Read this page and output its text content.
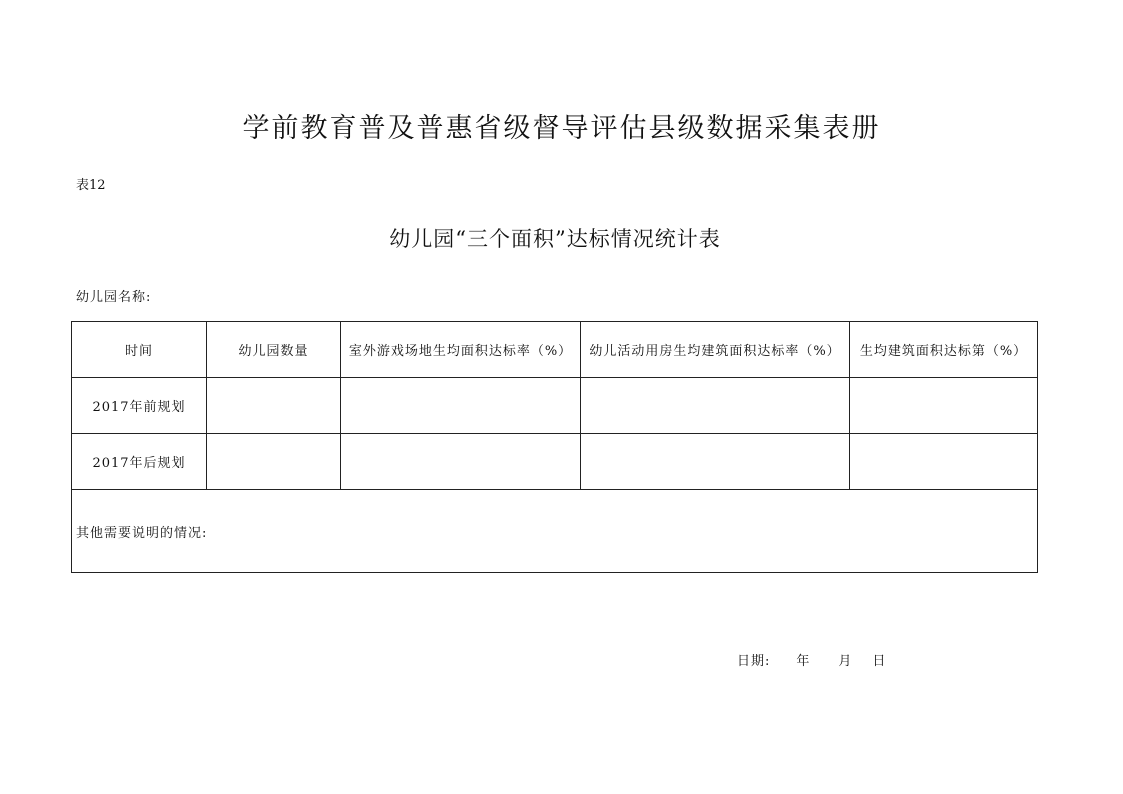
学前教育普及普惠省级督导评估县级数据采集表册
表12
幼儿园“三个面积”达标情况统计表
幼儿园名称:
时间	幼儿园数量	室外游戏场地生均面积达标率（%）	幼儿活动用房生均建筑面积达标率（%）	生均建筑面积达标第（%）
2017年前规划				
2017年后规划				
其他需要说明的情况:				
日期: 年 月 日
